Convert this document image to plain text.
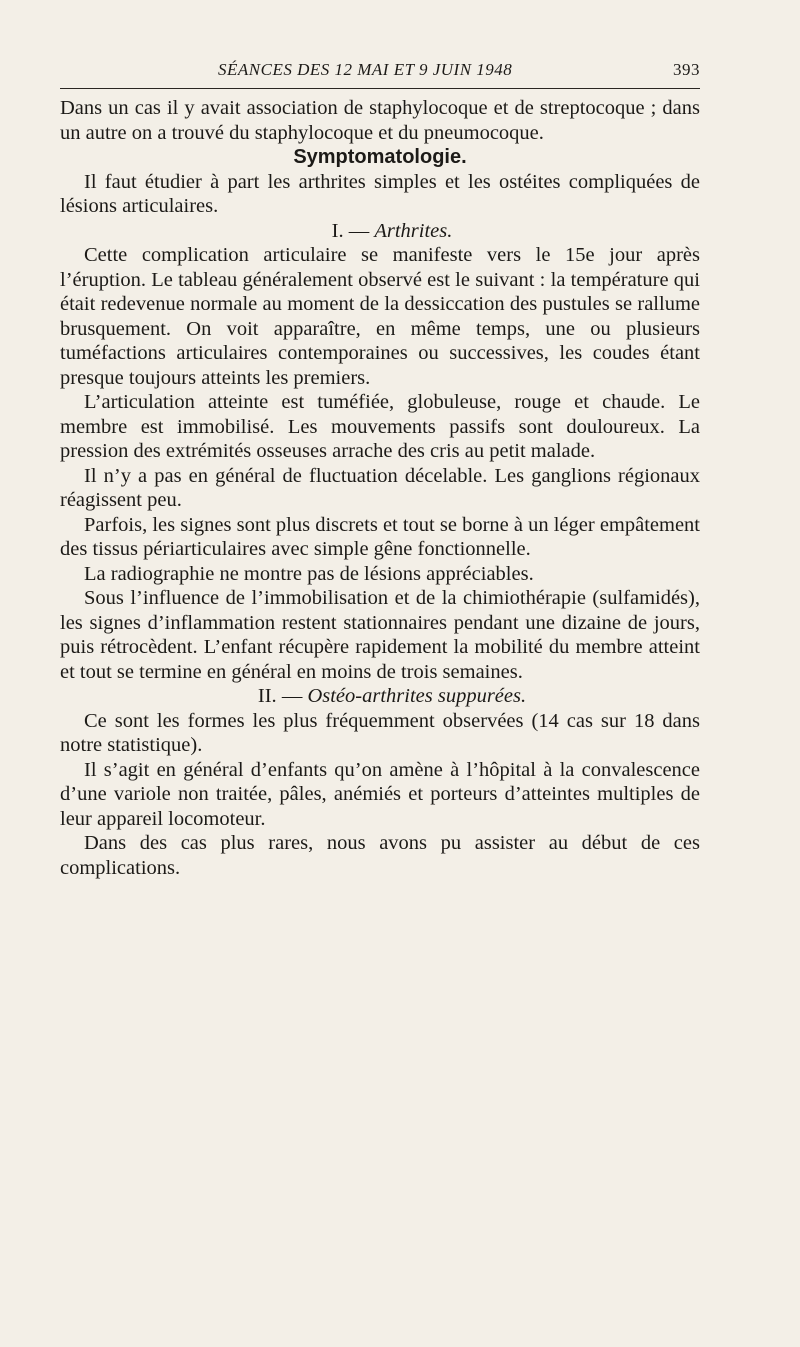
SÉANCES DES 12 MAI ET 9 JUIN 1948	393

Dans un cas il y avait association de staphylocoque et de streptocoque ; dans un autre on a trouvé du staphylocoque et du pneumocoque.

Symptomatologie.

Il faut étudier à part les arthrites simples et les ostéites compliquées de lésions articulaires.

I. — Arthrites.

Cette complication articulaire se manifeste vers le 15e jour après l’éruption. Le tableau généralement observé est le suivant : la température qui était redevenue normale au moment de la dessiccation des pustules se rallume brusquement. On voit apparaître, en même temps, une ou plusieurs tuméfactions articulaires contemporaines ou successives, les coudes étant presque toujours atteints les premiers.

L’articulation atteinte est tuméfiée, globuleuse, rouge et chaude. Le membre est immobilisé. Les mouvements passifs sont douloureux. La pression des extrémités osseuses arrache des cris au petit malade.

Il n’y a pas en général de fluctuation décelable. Les ganglions régionaux réagissent peu.

Parfois, les signes sont plus discrets et tout se borne à un léger empâtement des tissus périarticulaires avec simple gêne fonctionnelle.

La radiographie ne montre pas de lésions appréciables.

Sous l’influence de l’immobilisation et de la chimiothérapie (sulfamidés), les signes d’inflammation restent stationnaires pendant une dizaine de jours, puis rétrocèdent. L’enfant récupère rapidement la mobilité du membre atteint et tout se termine en général en moins de trois semaines.

II. — Ostéo-arthrites suppurées.

Ce sont les formes les plus fréquemment observées (14 cas sur 18 dans notre statistique).

Il s’agit en général d’enfants qu’on amène à l’hôpital à la convalescence d’une variole non traitée, pâles, anémiés et porteurs d’atteintes multiples de leur appareil locomoteur.

Dans des cas plus rares, nous avons pu assister au début de ces complications.
